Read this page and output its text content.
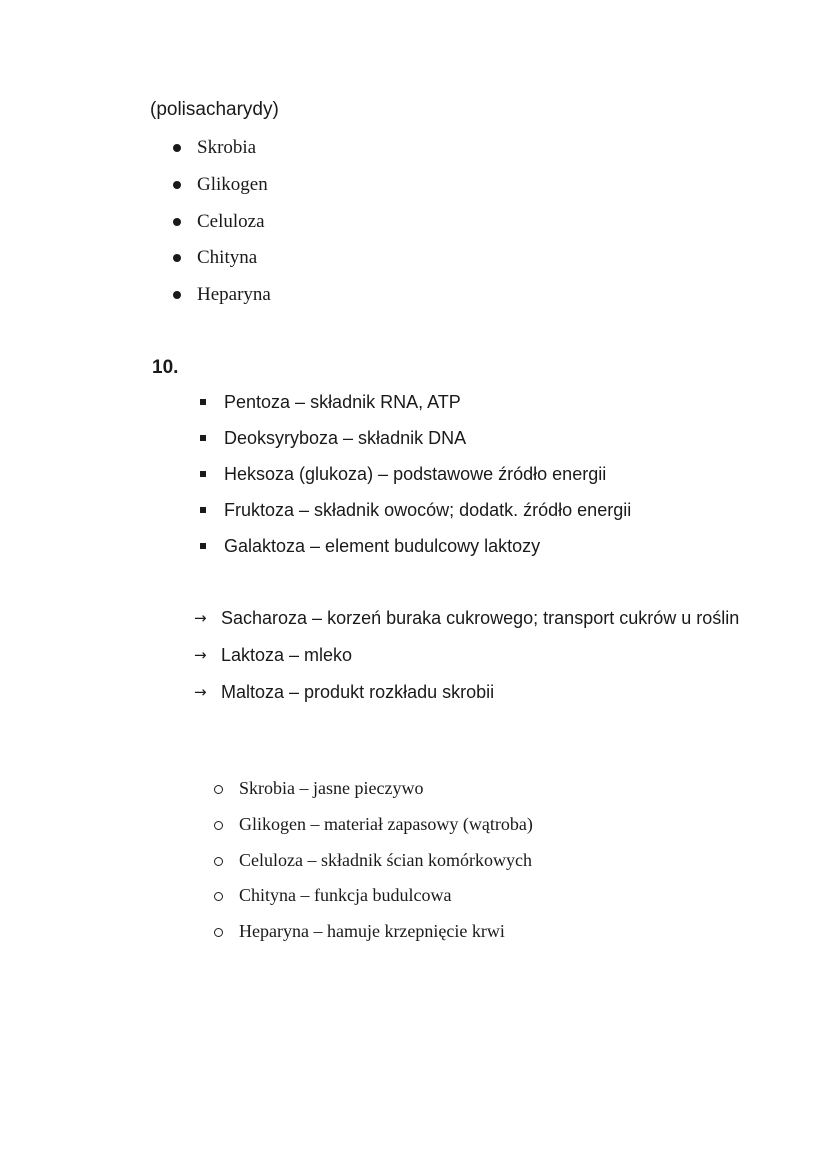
(polisacharydy)
Skrobia
Glikogen
Celuloza
Chityna
Heparyna
10.
Pentoza – składnik RNA, ATP
Deoksyryboza – składnik DNA
Heksoza (glukoza) – podstawowe źródło energii
Fruktoza – składnik owoców; dodatk. źródło energii
Galaktoza – element budulcowy laktozy
→ Sacharoza – korzeń buraka cukrowego; transport cukrów u roślin
→ Laktoza – mleko
→ Maltoza – produkt rozkładu skrobii
Skrobia – jasne pieczywo
Glikogen – materiał zapasowy (wątroba)
Celuloza – składnik ścian komórkowych
Chityna – funkcja budulcowa
Heparyna – hamuje krzepnięcie krwi
